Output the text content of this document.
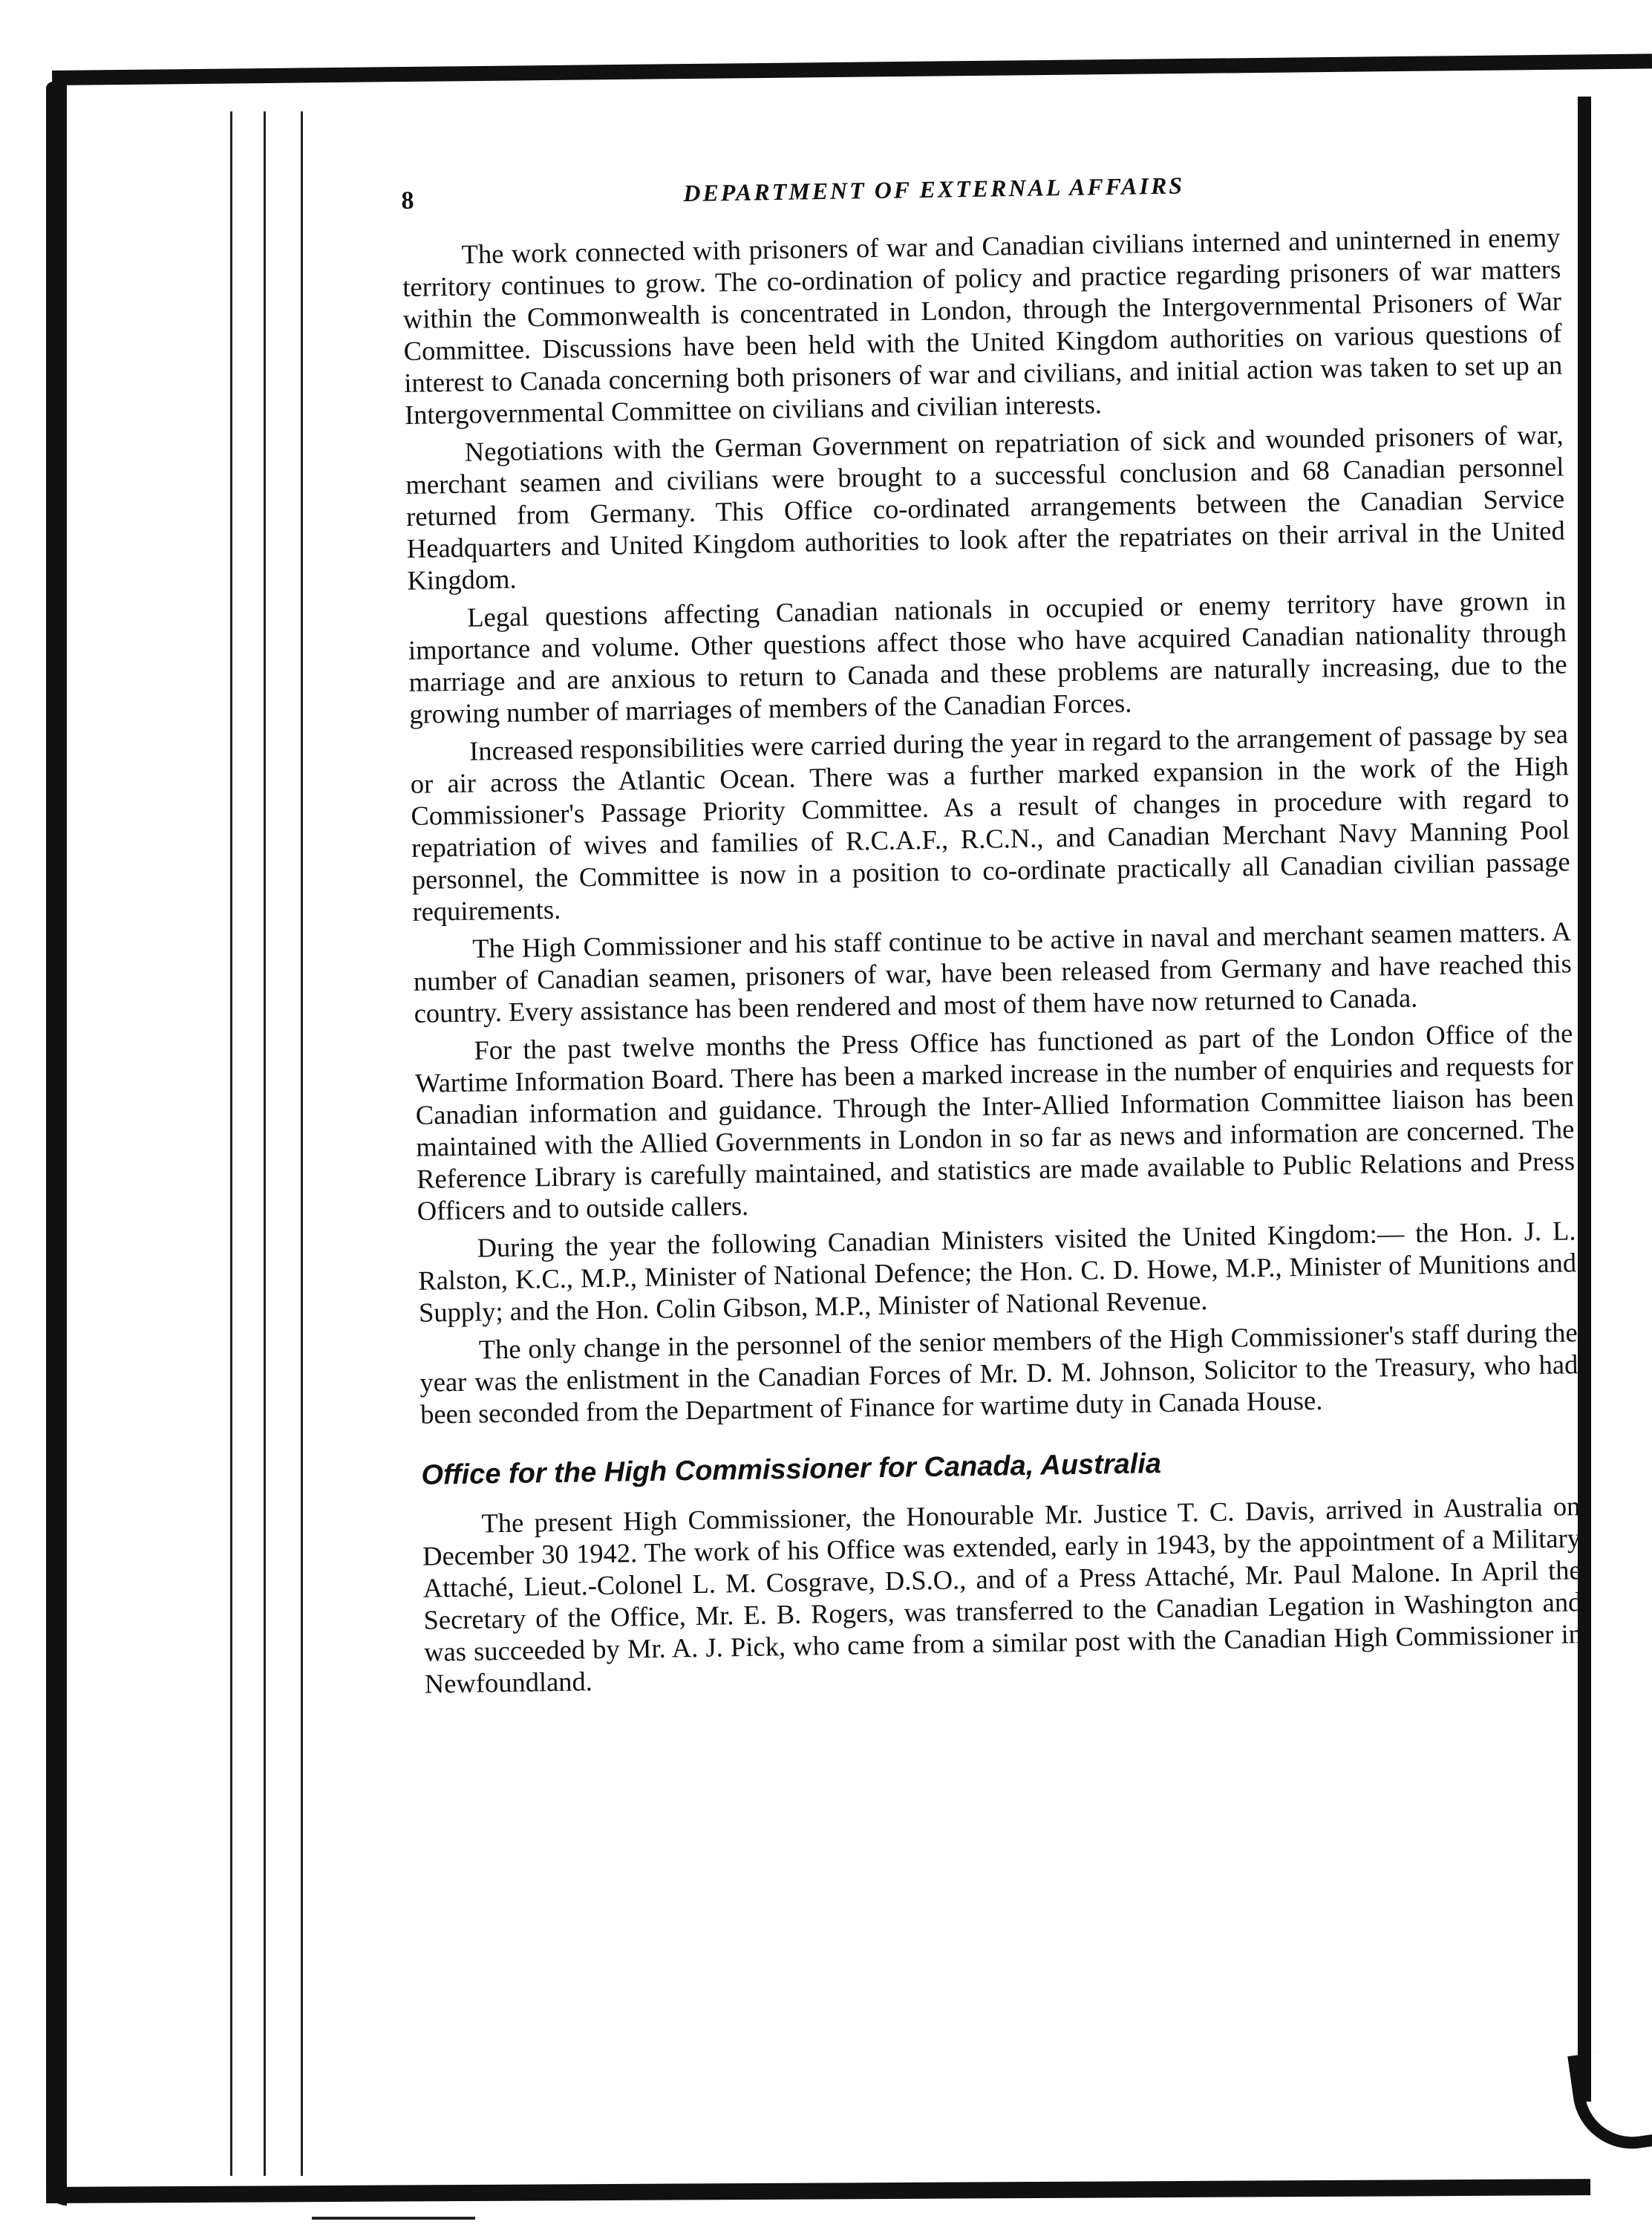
8	DEPARTMENT OF EXTERNAL AFFAIRS

The work connected with prisoners of war and Canadian civilians interned and uninterned in enemy territory continues to grow. The co-ordination of policy and practice regarding prisoners of war matters within the Commonwealth is concentrated in London, through the Intergovernmental Prisoners of War Committee. Discussions have been held with the United Kingdom authorities on various questions of interest to Canada concerning both prisoners of war and civilians, and initial action was taken to set up an Intergovernmental Committee on civilians and civilian interests.

Negotiations with the German Government on repatriation of sick and wounded prisoners of war, merchant seamen and civilians were brought to a successful conclusion and 68 Canadian personnel returned from Germany. This Office co-ordinated arrangements between the Canadian Service Headquarters and United Kingdom authorities to look after the repatriates on their arrival in the United Kingdom.

Legal questions affecting Canadian nationals in occupied or enemy territory have grown in importance and volume. Other questions affect those who have acquired Canadian nationality through marriage and are anxious to return to Canada and these problems are naturally increasing, due to the growing number of marriages of members of the Canadian Forces.

Increased responsibilities were carried during the year in regard to the arrangement of passage by sea or air across the Atlantic Ocean. There was a further marked expansion in the work of the High Commissioner's Passage Priority Committee. As a result of changes in procedure with regard to repatriation of wives and families of R.C.A.F., R.C.N., and Canadian Merchant Navy Manning Pool personnel, the Committee is now in a position to co-ordinate practically all Canadian civilian passage requirements.

The High Commissioner and his staff continue to be active in naval and merchant seamen matters. A number of Canadian seamen, prisoners of war, have been released from Germany and have reached this country. Every assistance has been rendered and most of them have now returned to Canada.

For the past twelve months the Press Office has functioned as part of the London Office of the Wartime Information Board. There has been a marked increase in the number of enquiries and requests for Canadian information and guidance. Through the Inter-Allied Information Committee liaison has been maintained with the Allied Governments in London in so far as news and information are concerned. The Reference Library is carefully maintained, and statistics are made available to Public Relations and Press Officers and to outside callers.

During the year the following Canadian Ministers visited the United Kingdom:— the Hon. J. L. Ralston, K.C., M.P., Minister of National Defence; the Hon. C. D. Howe, M.P., Minister of Munitions and Supply; and the Hon. Colin Gibson, M.P., Minister of National Revenue.

The only change in the personnel of the senior members of the High Commissioner's staff during the year was the enlistment in the Canadian Forces of Mr. D. M. Johnson, Solicitor to the Treasury, who had been seconded from the Department of Finance for wartime duty in Canada House.

Office for the High Commissioner for Canada, Australia

The present High Commissioner, the Honourable Mr. Justice T. C. Davis, arrived in Australia on December 30 1942. The work of his Office was extended, early in 1943, by the appointment of a Military Attaché, Lieut.-Colonel L. M. Cosgrave, D.S.O., and of a Press Attaché, Mr. Paul Malone. In April the Secretary of the Office, Mr. E. B. Rogers, was transferred to the Canadian Legation in Washington and was succeeded by Mr. A. J. Pick, who came from a similar post with the Canadian High Commissioner in Newfoundland.
